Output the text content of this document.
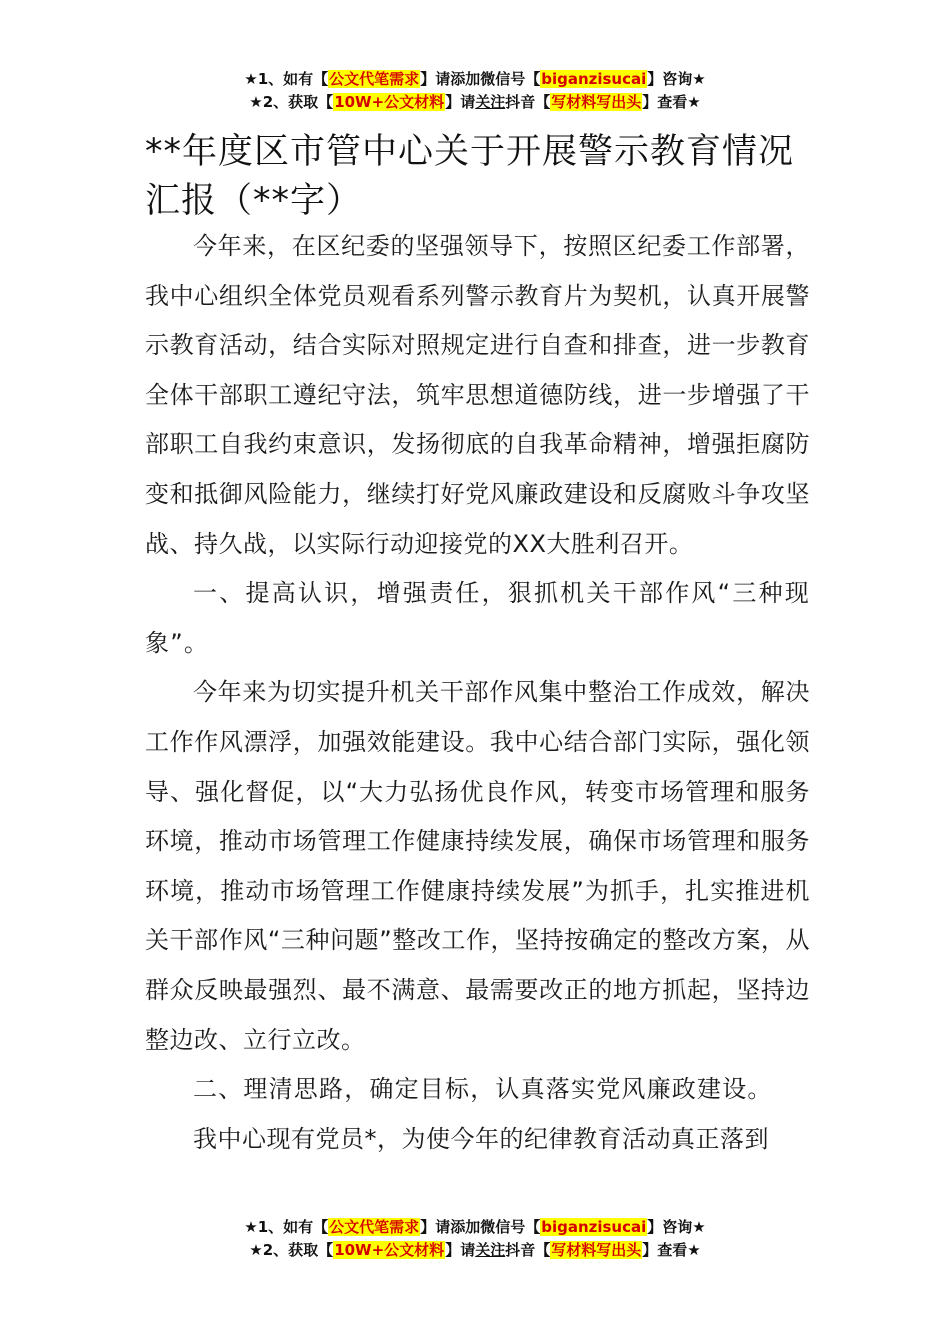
★1、如有【公文代笔需求】请添加微信号【biganzisucai】咨询★
★2、获取【10W+公文材料】请关注抖音【写材料写出头】查看★
**年度区市管中心关于开展警示教育情况汇报（**字）

今年来，在区纪委的坚强领导下，按照区纪委工作部署，我中心组织全体党员观看系列警示教育片为契机，认真开展警示教育活动，结合实际对照规定进行自查和排查，进一步教育全体干部职工遵纪守法，筑牢思想道德防线，进一步增强了干部职工自我约束意识，发扬彻底的自我革命精神，增强拒腐防变和抵御风险能力，继续打好党风廉政建设和反腐败斗争攻坚战、持久战，以实际行动迎接党的XX大胜利召开。

一、提高认识，增强责任，狠抓机关干部作风“三种现象”。

今年来为切实提升机关干部作风集中整治工作成效，解决工作作风漂浮，加强效能建设。我中心结合部门实际，强化领导、强化督促，以“大力弘扬优良作风，转变市场管理和服务环境，推动市场管理工作健康持续发展，确保市场管理和服务环境，推动市场管理工作健康持续发展”为抓手，扎实推进机关干部作风“三种问题”整改工作，坚持按确定的整改方案，从群众反映最强烈、最不满意、最需要改正的地方抓起，坚持边整边改、立行立改。

二、理清思路，确定目标，认真落实党风廉政建设。

我中心现有党员*，为使今年的纪律教育活动真正落到

★1、如有【公文代笔需求】请添加微信号【biganzisucai】咨询★
★2、获取【10W+公文材料】请关注抖音【写材料写出头】查看★
